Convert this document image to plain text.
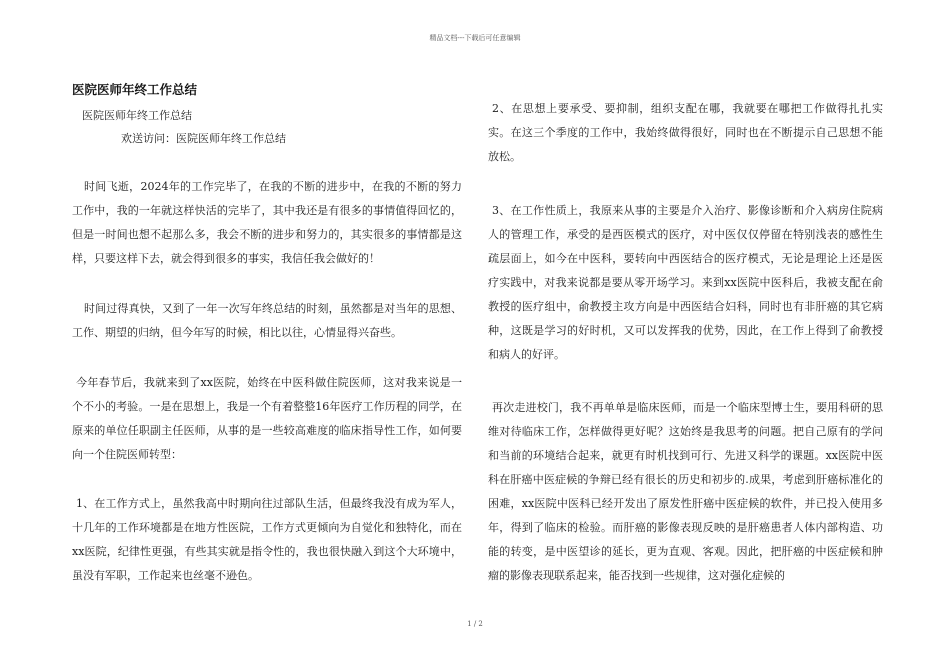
精品文档---下载后可任意编辑
医院医师年终工作总结
医院医师年终工作总结
欢送访问：医院医师年终工作总结

时间飞逝，2024年的工作完毕了，在我的不断的进步中，在我的不断的努力工作中，我的一年就这样快活的完毕了，其中我还是有很多的事情值得回忆的，但是一时间也想不起那么多，我会不断的进步和努力的，其实很多的事情都是这样，只要这样下去，就会得到很多的事实，我信任我会做好的！

时间过得真快，又到了一年一次写年终总结的时刻，虽然都是对当年的思想、工作、期望的归纳，但今年写的时候，相比以往，心情显得兴奋些。

今年春节后，我就来到了xx医院，始终在中医科做住院医师，这对我来说是一个不小的考验。一是在思想上，我是一个有着整整16年医疗工作历程的同学，在原来的单位任职副主任医师，从事的是一些较高难度的临床指导性工作，如何要向一个住院医师转型：

1、在工作方式上，虽然我高中时期向往过部队生活，但最终我没有成为军人，十几年的工作环境都是在地方性医院，工作方式更倾向为自觉化和独特化，而在xx医院，纪律性更强，有些其实就是指令性的，我也很快融入到这个大环境中，虽没有军职，工作起来也丝毫不逊色。

2、在思想上要承受、要抑制，组织支配在哪，我就要在哪把工作做得扎扎实实。在这三个季度的工作中，我始终做得很好，同时也在不断提示自己思想不能放松。

3、在工作性质上，我原来从事的主要是介入治疗、影像诊断和介入病房住院病人的管理工作，承受的是西医模式的医疗，对中医仅仅停留在特别浅表的感性生疏层面上，如今在中医科，要转向中西医结合的医疗模式，无论是理论上还是医疗实践中，对我来说都是要从零开场学习。来到xx医院中医科后，我被支配在俞教授的医疗组中，俞教授主攻方向是中西医结合妇科，同时也有非肝癌的其它病种，这既是学习的好时机，又可以发挥我的优势，因此，在工作上得到了俞教授和病人的好评。

再次走进校门，我不再单单是临床医师，而是一个临床型博士生，要用科研的思维对待临床工作，怎样做得更好呢？这始终是我思考的问题。把自己原有的学问和当前的环境结合起来，就更有时机找到可行、先进又科学的课题。xx医院中医科在肝癌中医症候的争辩已经有很长的历史和初步的.成果，考虑到肝癌标准化的困难，xx医院中医科已经开发出了原发性肝癌中医症候的软件，并已投入使用多年，得到了临床的检验。而肝癌的影像表现反映的是肝癌患者人体内部构造、功能的转变，是中医望诊的延长，更为直观、客观。因此，把肝癌的中医症候和肿瘤的影像表现联系起来，能否找到一些规律，这对强化症候的

1 / 2
